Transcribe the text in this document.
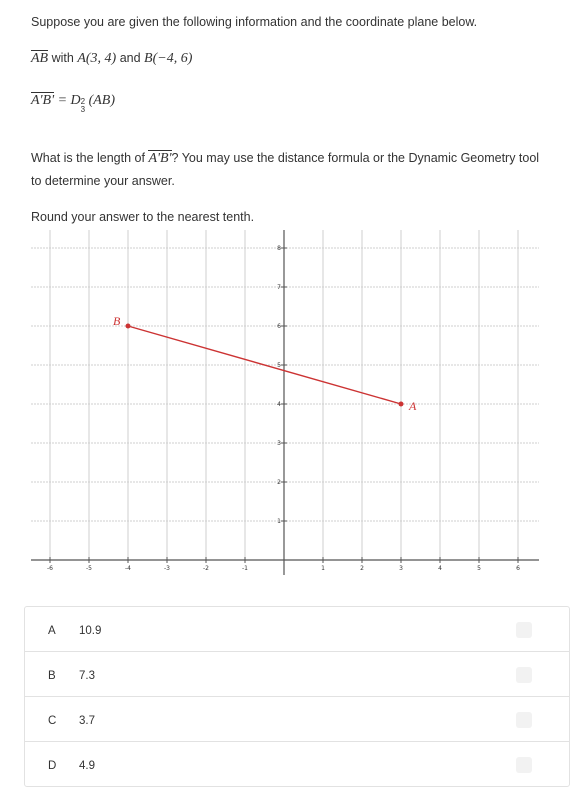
Suppose you are given the following information and the coordinate plane below.
AB with A(3, 4) and B(−4, 6)
A'B' = D2
3 (AB)
What is the length of A'B'? You may use the distance formula or the Dynamic Geometry tool to determine your answer.
Round your answer to the nearest tenth.
-6	-5	-4	-3	-2	-1	1	2	3	4	5	6
1
2
3
4
5
6
7
8
A
B
A 10.9
B 7.3
C 3.7
D 4.9
